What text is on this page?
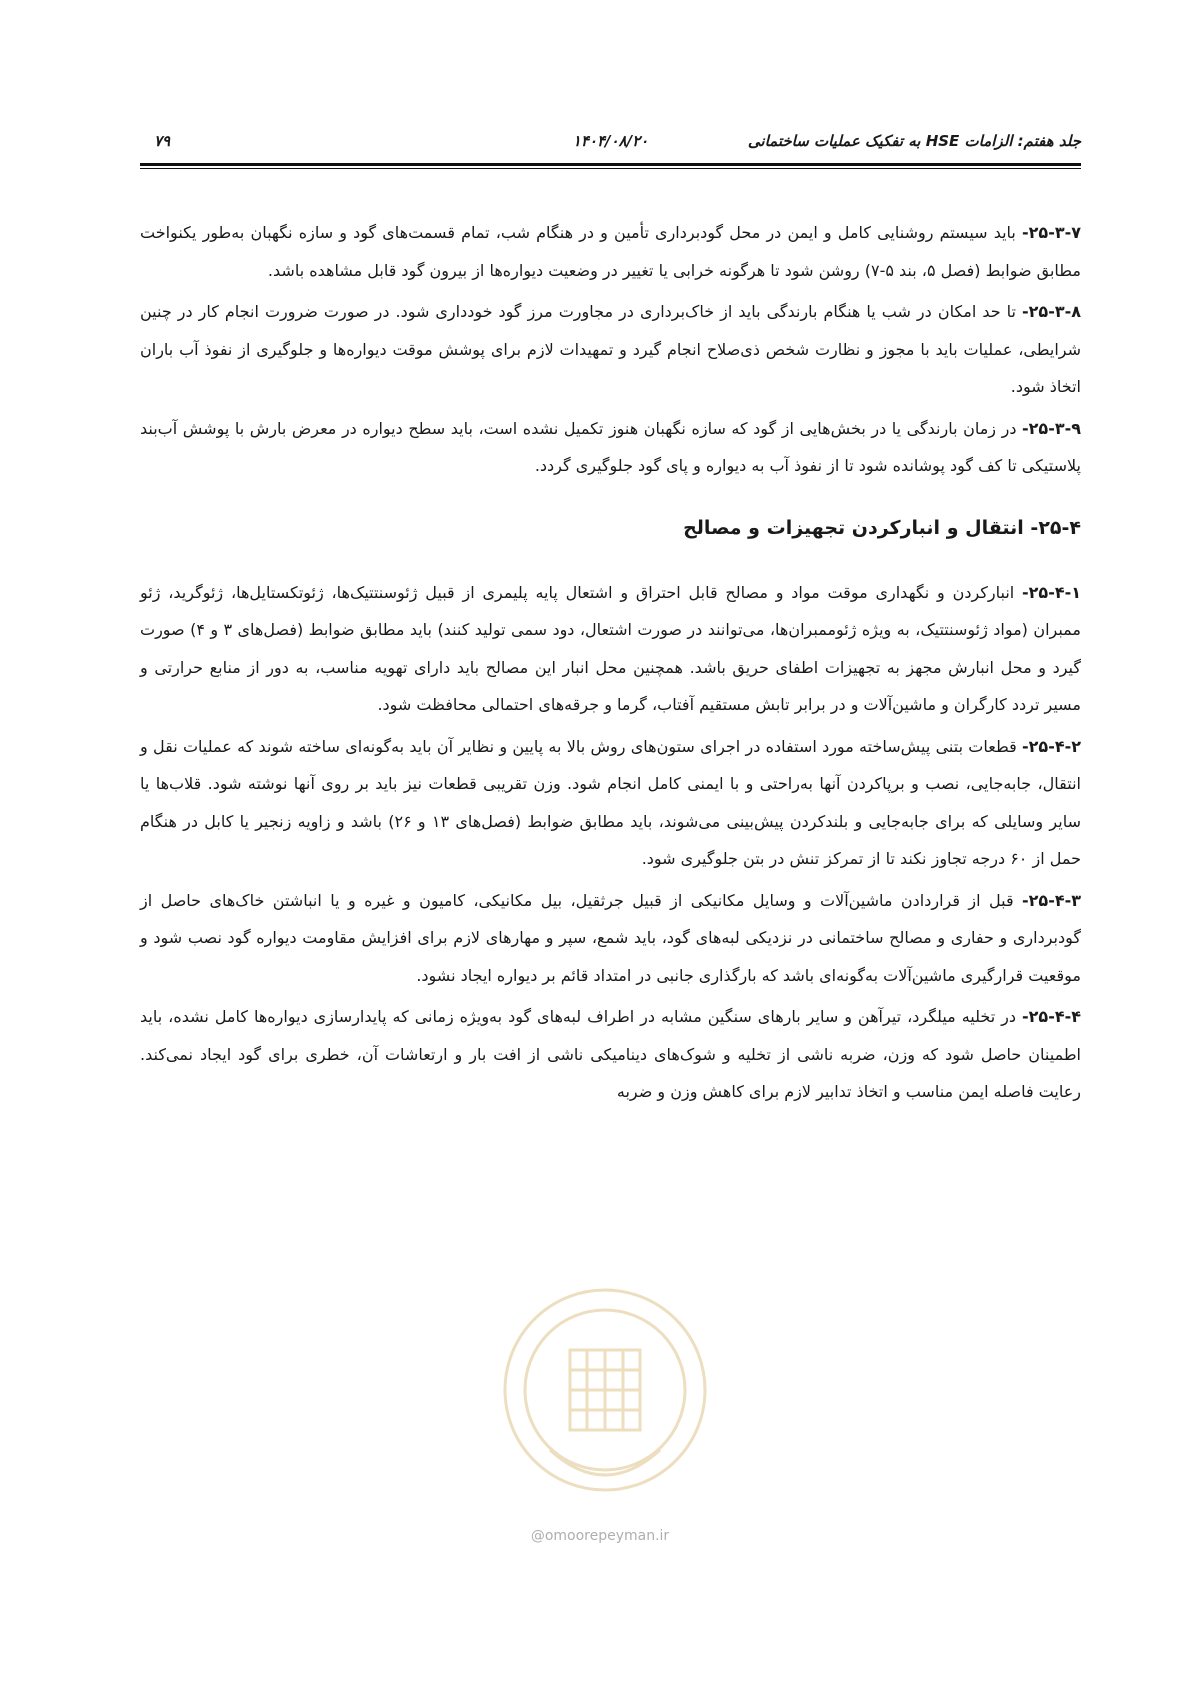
جلد هفتم: الزامات HSE به تفکیک عملیات ساختمانی
۱۴۰۴/۰۸/۲۰
۷۹

۲۵-۳-۷- باید سیستم روشنایی کامل و ایمن در محل گودبرداری تأمین و در هنگام شب، تمام قسمت‌های گود و سازه نگهبان به‌طور یکنواخت مطابق ضوابط (فصل ۵، بند ۵-۷) روشن شود تا هرگونه خرابی یا تغییر در وضعیت دیواره‌ها از بیرون گود قابل مشاهده باشد.

۲۵-۳-۸- تا حد امکان در شب یا هنگام بارندگی باید از خاک‌برداری در مجاورت مرز گود خودداری شود. در صورت ضرورت انجام کار در چنین شرایطی، عملیات باید با مجوز و نظارت شخص ذی‌صلاح انجام گیرد و تمهیدات لازم برای پوشش موقت دیواره‌ها و جلوگیری از نفوذ آب باران اتخاذ شود.

۲۵-۳-۹- در زمان بارندگی یا در بخش‌هایی از گود که سازه نگهبان هنوز تکمیل نشده است، باید سطح دیواره در معرض بارش با پوشش آب‌بند پلاستیکی تا کف گود پوشانده شود تا از نفوذ آب به دیواره و پای گود جلوگیری گردد.

۲۵-۴- انتقال و انبارکردن تجهیزات و مصالح

۲۵-۴-۱- انبارکردن و نگهداری موقت مواد و مصالح قابل احتراق و اشتعال پایه پلیمری از قبیل ژئوسنتتیک‌ها، ژئوتکستایل‌ها، ژئوگرید، ژئو ممبران (مواد ژئوسنتتیک، به ویژه ژئوممبران‌ها، می‌توانند در صورت اشتعال، دود سمی تولید کنند) باید مطابق ضوابط (فصل‌های ۳ و ۴) صورت گیرد و محل انبارش مجهز به تجهیزات اطفای حریق باشد. همچنین محل انبار این مصالح باید دارای تهویه مناسب، به دور از منابع حرارتی و مسیر تردد کارگران و ماشین‌آلات و در برابر تابش مستقیم آفتاب، گرما و جرقه‌های احتمالی محافظت شود.

۲۵-۴-۲- قطعات بتنی پیش‌ساخته مورد استفاده در اجرای ستون‌های روش بالا به پایین و نظایر آن باید به‌گونه‌ای ساخته شوند که عملیات نقل و انتقال، جابه‌جایی، نصب و برپاکردن آنها به‌راحتی و با ایمنی کامل انجام شود. وزن تقریبی قطعات نیز باید بر روی آنها نوشته شود. قلاب‌ها یا سایر وسایلی که برای جابه‌جایی و بلندکردن پیش‌بینی می‌شوند، باید مطابق ضوابط (فصل‌های ۱۳ و ۲۶) باشد و زاویه زنجیر یا کابل در هنگام حمل از ۶۰ درجه تجاوز نکند تا از تمرکز تنش در بتن جلوگیری شود.

۲۵-۴-۳- قبل از قراردادن ماشین‌آلات و وسایل مکانیکی از قبیل جرثقیل، بیل مکانیکی، کامیون و غیره و یا انباشتن خاک‌های حاصل از گودبرداری و حفاری و مصالح ساختمانی در نزدیکی لبه‌های گود، باید شمع، سپر و مهارهای لازم برای افزایش مقاومت دیواره گود نصب شود و موقعیت قرارگیری ماشین‌آلات به‌گونه‌ای باشد که بارگذاری جانبی در امتداد قائم بر دیواره ایجاد نشود.

۲۵-۴-۴- در تخلیه میلگرد، تیرآهن و سایر بارهای سنگین مشابه در اطراف لبه‌های گود به‌ویژه زمانی که پایدارسازی دیواره‌ها کامل نشده، باید اطمینان حاصل شود که وزن، ضربه ناشی از تخلیه و شوک‌های دینامیکی ناشی از افت بار و ارتعاشات آن، خطری برای گود ایجاد نمی‌کند. رعایت فاصله ایمن مناسب و اتخاذ تدابیر لازم برای کاهش وزن و ضربه

@omoorepeyman.ir
